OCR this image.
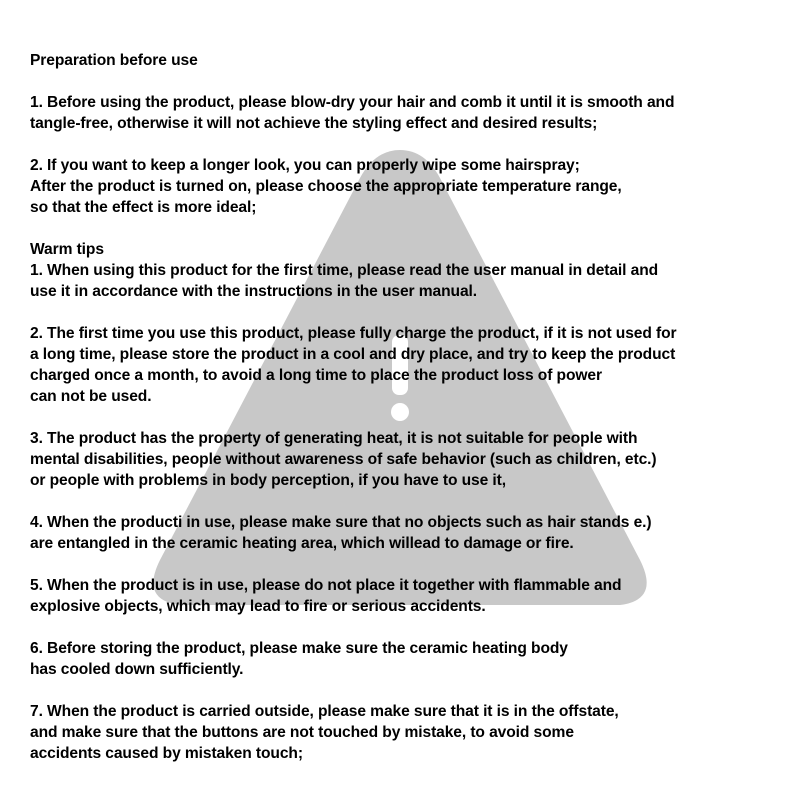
Preparation before use

1. Before using the product, please blow-dry your hair and comb it until it is smooth and
tangle-free, otherwise it will not achieve the styling effect and desired results;
2. If you want to keep a longer look, you can properly wipe some hairspray;
After the product is turned on, please choose the appropriate temperature range,
so that the effect is more ideal;

Warm tips

1. When using this product for the first time, please read the user manual in detail and
use it in accordance with the instructions in the user manual.
2. The first time you use this product, please fully charge the product, if it is not used for
a long time, please store the product in a cool and dry place, and try to keep the product
charged once a month, to avoid a long time to place the product loss of power
can not be used.
3. The product has the property of generating heat, it is not suitable for people with
mental disabilities, people without awareness of safe behavior (such as children, etc.)
or people with problems in body perception, if you have to use it,
4. When the producti in use, please make sure that no objects such as hair stands e.)
are entangled in the ceramic heating area, which willead to damage or fire.
5. When the product is in use, please do not place it together with flammable and
explosive objects, which may lead to fire or serious accidents.
6. Before storing the product, please make sure the ceramic heating body
has cooled down sufficiently.
7. When the product is carried outside, please make sure that it is in the offstate,
and make sure that the buttons are not touched by mistake, to avoid some
accidents caused by mistaken touch;
